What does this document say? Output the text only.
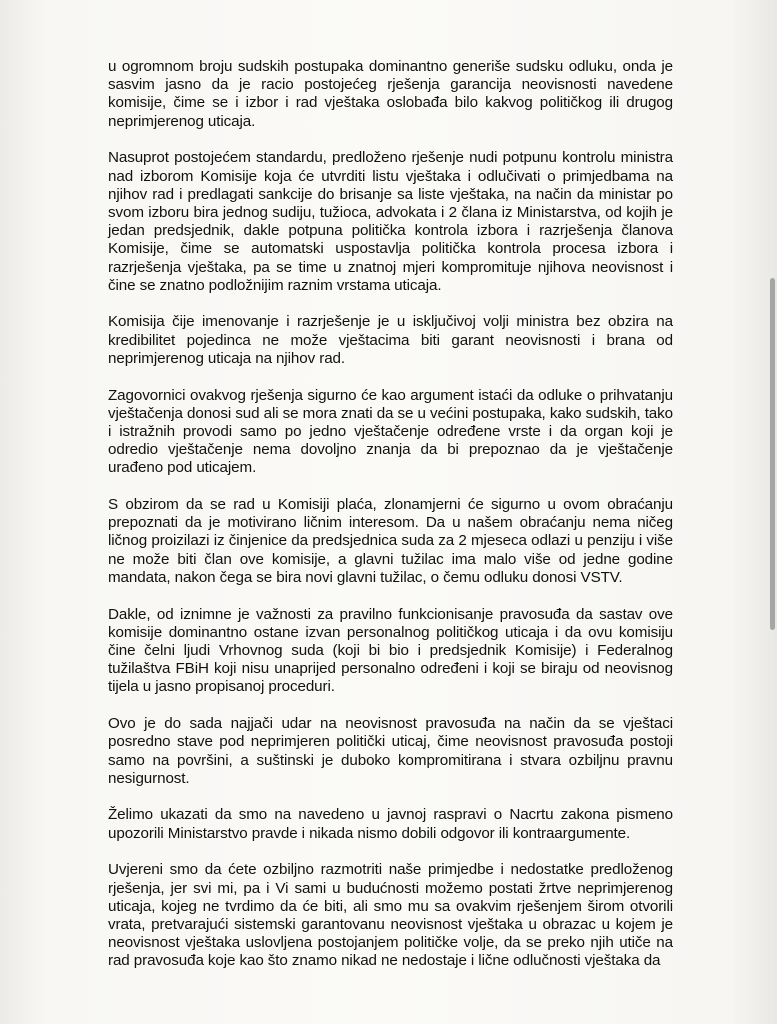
u ogromnom broju sudskih postupaka dominantno generiše sudsku odluku, onda je sasvim jasno da je racio postojećeg rješenja garancija neovisnosti navedene komisije, čime se i izbor i rad vještaka oslobađa bilo kakvog političkog ili drugog neprimjerenog uticaja.

Nasuprot postojećem standardu, predloženo rješenje nudi potpunu kontrolu ministra nad izborom Komisije koja će utvrditi listu vještaka i odlučivati o primjedbama na njihov rad i predlagati sankcije do brisanje sa liste vještaka, na način da ministar po svom izboru bira jednog sudiju, tužioca, advokata i 2 člana iz Ministarstva, od kojih je jedan predsjednik, dakle potpuna politička kontrola izbora i razrješenja članova Komisije, čime se automatski uspostavlja politička kontrola procesa izbora i razrješenja vještaka, pa se time u znatnoj mjeri kompromituje njihova neovisnost i čine se znatno podložnijim raznim vrstama uticaja.

Komisija čije imenovanje i razrješenje je u isključivoj volji ministra bez obzira na kredibilitet pojedinca ne može vještacima biti garant neovisnosti i brana od neprimjerenog uticaja na njihov rad.

Zagovornici ovakvog rješenja sigurno će kao argument istaći da odluke o prihvatanju vještačenja donosi sud ali se mora znati da se u većini postupaka, kako sudskih, tako i istražnih provodi samo po jedno vještačenje određene vrste i da organ koji je odredio vještačenje nema dovoljno znanja da bi prepoznao da je vještačenje urađeno pod uticajem.

S obzirom da se rad u Komisiji plaća, zlonamjerni će sigurno u ovom obraćanju prepoznati da je motivirano ličnim interesom. Da u našem obraćanju nema ničeg ličnog proizilazi iz činjenice da predsjednica suda za 2 mjeseca odlazi u penziju i više ne može biti član ove komisije, a glavni tužilac ima malo više od jedne godine mandata, nakon čega se bira novi glavni tužilac, o čemu odluku donosi VSTV.

Dakle, od iznimne je važnosti za pravilno funkcionisanje pravosuđa da sastav ove komisije dominantno ostane izvan personalnog političkog uticaja i da ovu komisiju čine čelni ljudi Vrhovnog suda (koji bi bio i predsjednik Komisije) i Federalnog tužilaštva FBiH koji nisu unaprijed personalno određeni i koji se biraju od neovisnog tijela u jasno propisanoj proceduri.

Ovo je do sada najjači udar na neovisnost pravosuđa na način da se vještaci posredno stave pod neprimjeren politički uticaj, čime neovisnost pravosuđa postoji samo na površini, a suštinski je duboko kompromitirana i stvara ozbiljnu pravnu nesigurnost.

Želimo ukazati da smo na navedeno u javnoj raspravi o Nacrtu zakona pismeno upozorili Ministarstvo pravde i nikada nismo dobili odgovor ili kontraargumente.

Uvjereni smo da ćete ozbiljno razmotriti naše primjedbe i nedostatke predloženog rješenja, jer svi mi, pa i Vi sami u budućnosti možemo postati žrtve neprimjerenog uticaja, kojeg ne tvrdimo da će biti, ali smo mu sa ovakvim rješenjem širom otvorili vrata, pretvarajući sistemski garantovanu neovisnost vještaka u obrazac u kojem je neovisnost vještaka uslovljena postojanjem političke volje, da se preko njih utiče na rad pravosuđa koje kao što znamo nikad ne nedostaje i lične odlučnosti vještaka da
